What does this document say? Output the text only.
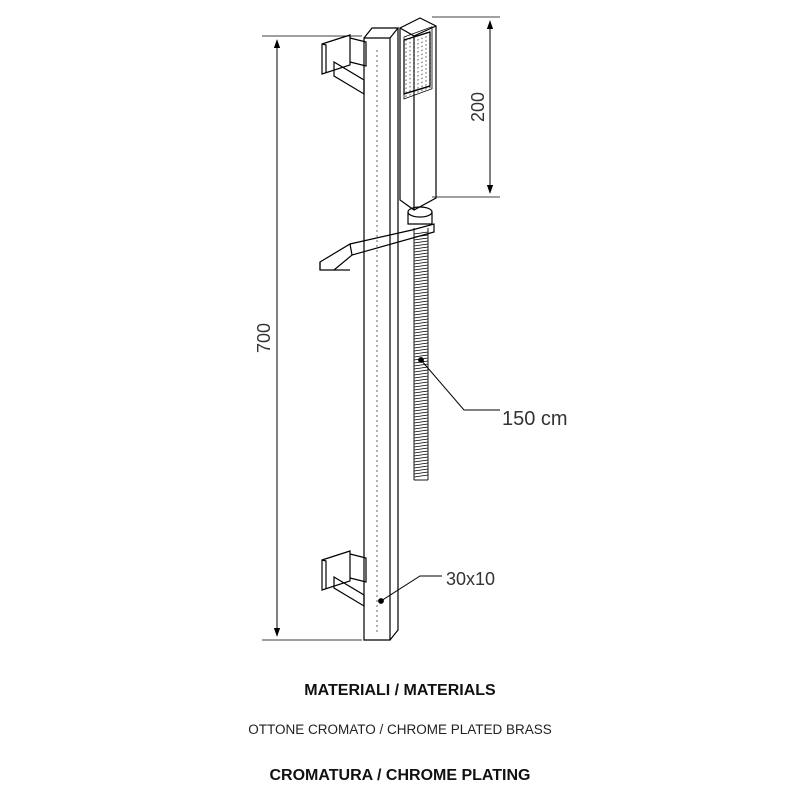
700
200
150 cm
30x10
MATERIALI / MATERIALS
OTTONE CROMATO / CHROME PLATED BRASS
CROMATURA / CHROME PLATING
